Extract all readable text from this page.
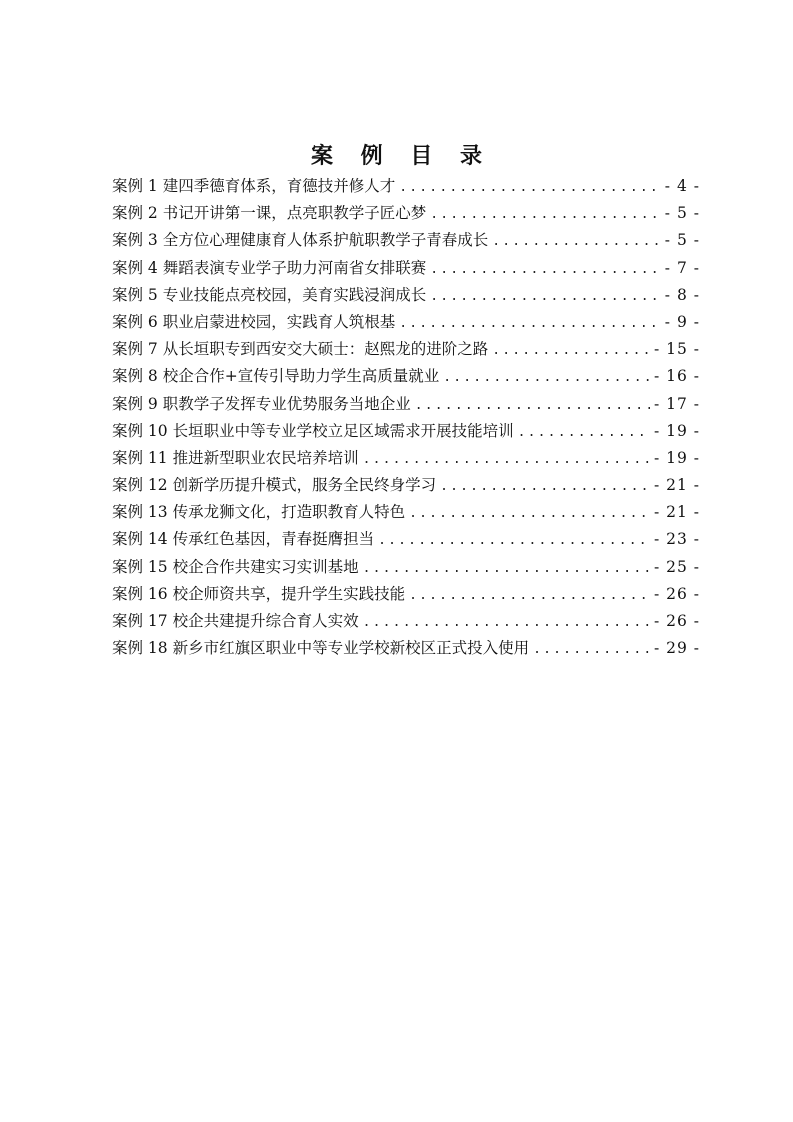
案 例 目 录
案例 1 建四季德育体系，育德技并修人才 .....	- 4 -
案例 2 书记开讲第一课，点亮职教学子匠心梦 .....	- 5 -
案例 3 全方位心理健康育人体系护航职教学子青春成长 .....	- 5 -
案例 4 舞蹈表演专业学子助力河南省女排联赛 .....	- 7 -
案例 5 专业技能点亮校园，美育实践浸润成长 .....	- 8 -
案例 6 职业启蒙进校园，实践育人筑根基 .....	- 9 -
案例 7 从长垣职专到西安交大硕士：赵熙龙的进阶之路 .....	- 15 -
案例 8 校企合作+宣传引导助力学生高质量就业 .....	- 16 -
案例 9 职教学子发挥专业优势服务当地企业 .....	- 17 -
案例 10 长垣职业中等专业学校立足区域需求开展技能培训 .....	- 19 -
案例 11 推进新型职业农民培养培训 .....	- 19 -
案例 12 创新学历提升模式，服务全民终身学习 .....	- 21 -
案例 13 传承龙狮文化，打造职教育人特色 .....	- 21 -
案例 14 传承红色基因，青春挺膺担当 .....	- 23 -
案例 15 校企合作共建实习实训基地 .....	- 25 -
案例 16 校企师资共享，提升学生实践技能 .....	- 26 -
案例 17 校企共建提升综合育人实效 .....	- 26 -
案例 18 新乡市红旗区职业中等专业学校新校区正式投入使用 .....	- 29 -
